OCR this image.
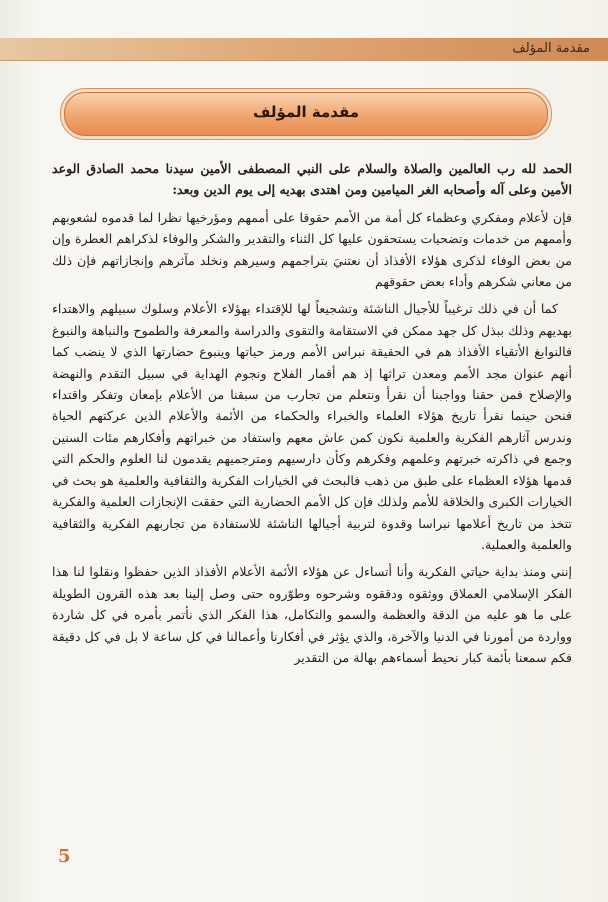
مقدمة المؤلف
مقدمة المؤلف

الحمد لله رب العالمين والصلاة والسلام على النبي المصطفى الأمين سيدنا محمد الصادق الوعد الأمين وعلى آله وأصحابه الغر الميامين ومن اهتدى بهديه إلى يوم الدين وبعد:

فإن لأعلام ومفكري وعظماء كل أمة من الأمم حقوقا على أممهم ومؤرخيها نظرا لما قدموه لشعوبهم وأممهم من خدمات وتضحيات يستحقون عليها كل الثناء والتقدير والشكر والوفاء لذكراهم العطرة وإن من بعض الوفاء لذكرى هؤلاء الأفذاذ أن نعتنيَ بتراجمهم وسيرهم ونخلد مآثرهم وإنجازاتهم فإن ذلك من معاني شكرهم وأداء بعض حقوقهم

كما أن في ذلك ترغيباً للأجيال الناشئة وتشجيعاً لها للإقتداء بهؤلاء الأعلام وسلوك سبيلهم والاهتداء بهديهم وذلك ببذل كل جهد ممكن في الاستقامة والتقوى والدراسة والمعرفة والطموح والنباهة والنبوغ فالنوابغ الأتقياء الأفذاذ هم في الحقيقة نبراس الأمم ورمز حياتها وينبوع حضارتها الذي لا ينضب كما أنهم عنوان مجد الأمم ومعدن تراثها إذ هم أقمار الفلاح ونجوم الهداية في سبيل التقدم والنهضة والإصلاح فمن حقنا وواجبنا أن نقرأ ونتعلم من تجارب من سبقنا من الأعلام بإمعان وتفكر واقتداء فنحن حينما نقرأ تاريخ هؤلاء العلماء والخبراء والحكماء من الأئمة والأعلام الذين عركتهم الحياة وندرس آثارهم الفكرية والعلمية نكون كمن عاش معهم واستفاد من خبراتهم وأفكارهم مئات السنين وجمع في ذاكرته خبرتهم وعلمهم وفكرهم وكأن دارسيهم ومترجميهم يقدمون لنا العلوم والحكم التي قدمها هؤلاء العظماء على طبق من ذهب فالبحث في الخيارات الفكرية والثقافية والعلمية هو بحث في الخيارات الكبرى والخلاقة للأمم ولذلك فإن كل الأمم الحضارية التي حققت الإنجازات العلمية والفكرية تتخذ من تاريخ أعلامها نبراسا وقدوة لتربية أجيالها الناشئة للاستفادة من تجاربهم الفكرية والثقافية والعلمية والعملية.

إنني ومنذ بداية حياتي الفكرية وأنا أتساءل عن هؤلاء الأئمة الأعلام الأفذاذ الذين حفظوا ونقلوا لنا هذا الفكر الإسلامي العملاق ووثقوه ودققوه وشرحوه وطوّروه حتى وصل إلينا بعد هذه القرون الطويلة على ما هو عليه من الدقة والعظمة والسمو والتكامل، هذا الفكر الذي نأتمر بأمره في كل شاردة وواردة من أمورنا في الدنيا والآخرة، والذي يؤثر في أفكارنا وأعمالنا في كل ساعة لا بل في كل دقيقة فكم سمعنا بأئمة كبار نحيط أسماءهم بهالة من التقدير

5
